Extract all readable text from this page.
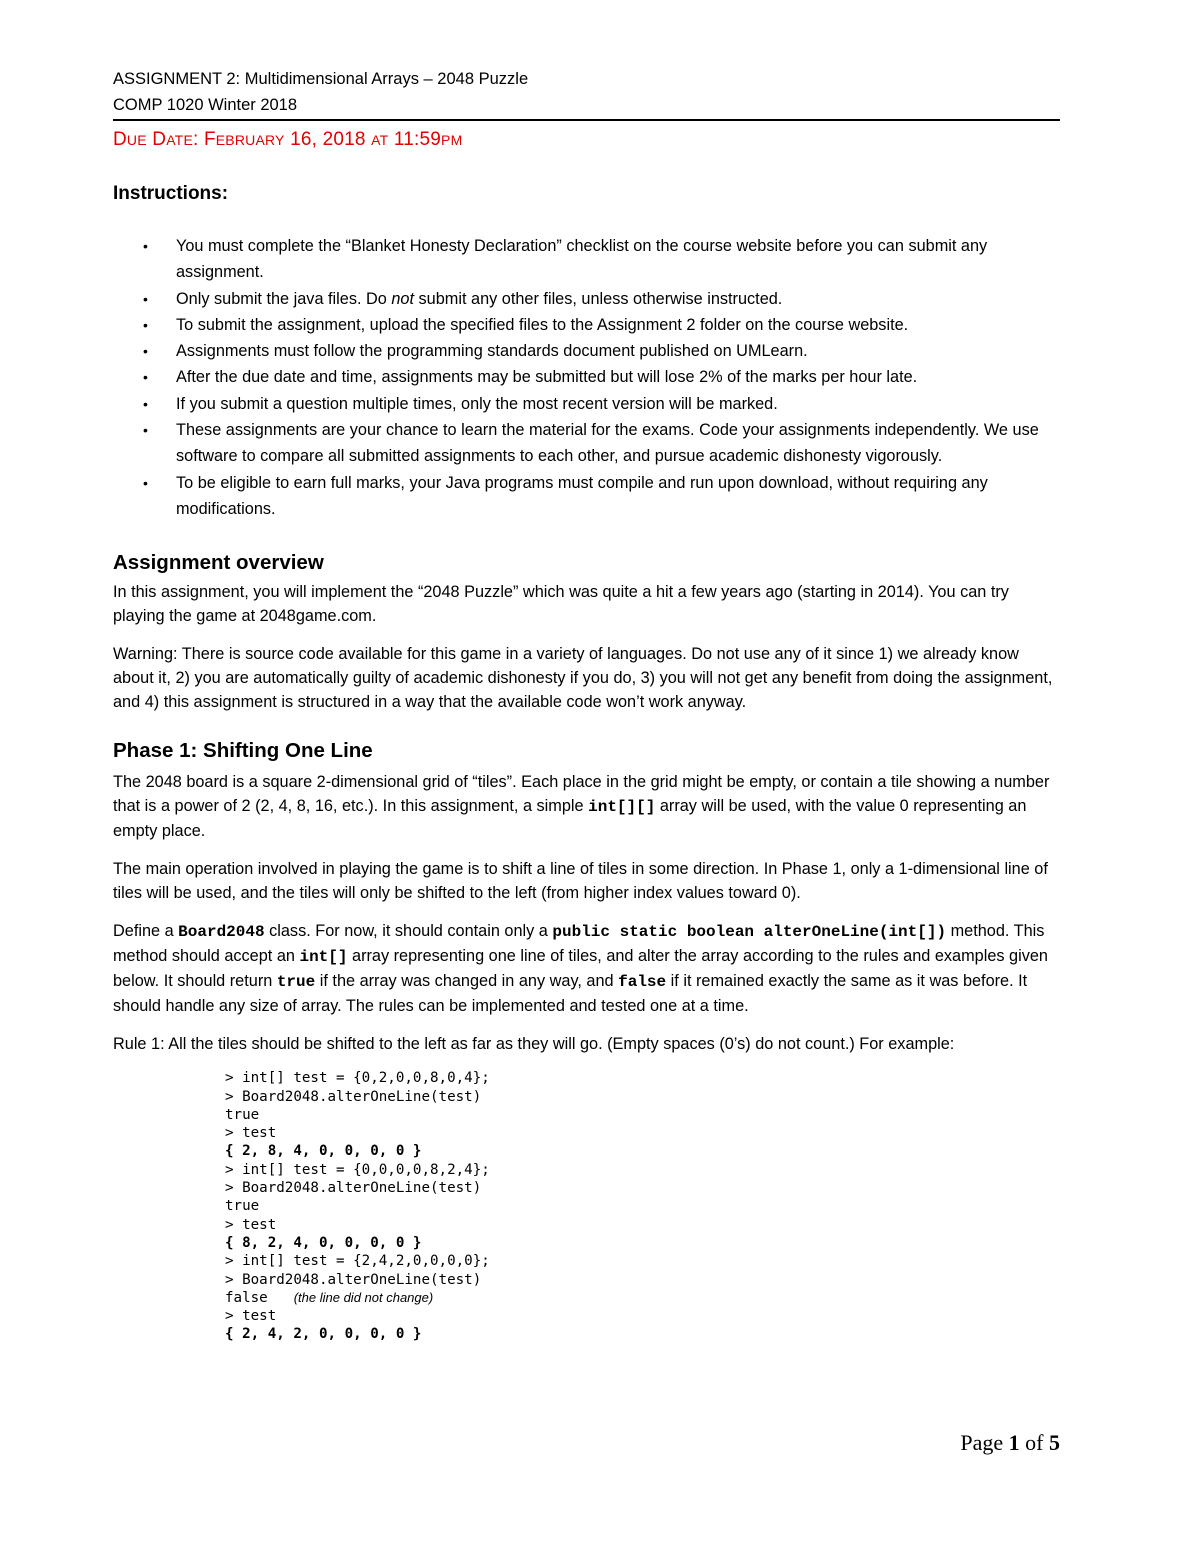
ASSIGNMENT 2: Multidimensional Arrays – 2048 Puzzle
COMP 1020 Winter 2018
DUE DATE: FEBRUARY 16, 2018 AT 11:59PM
Instructions:
• You must complete the “Blanket Honesty Declaration” checklist on the course website before you can submit any assignment.
• Only submit the java files. Do not submit any other files, unless otherwise instructed.
• To submit the assignment, upload the specified files to the Assignment 2 folder on the course website.
• Assignments must follow the programming standards document published on UMLearn.
• After the due date and time, assignments may be submitted but will lose 2% of the marks per hour late.
• If you submit a question multiple times, only the most recent version will be marked.
• These assignments are your chance to learn the material for the exams. Code your assignments independently. We use software to compare all submitted assignments to each other, and pursue academic dishonesty vigorously.
• To be eligible to earn full marks, your Java programs must compile and run upon download, without requiring any modifications.
Assignment overview

In this assignment, you will implement the “2048 Puzzle” which was quite a hit a few years ago (starting in 2014). You can try playing the game at 2048game.com.

Warning: There is source code available for this game in a variety of languages. Do not use any of it since 1) we already know about it, 2) you are automatically guilty of academic dishonesty if you do, 3) you will not get any benefit from doing the assignment, and 4) this assignment is structured in a way that the available code won’t work anyway.

Phase 1: Shifting One Line

The 2048 board is a square 2-dimensional grid of “tiles”. Each place in the grid might be empty, or contain a tile showing a number that is a power of 2 (2, 4, 8, 16, etc.). In this assignment, a simple int[][] array will be used, with the value 0 representing an empty place.

The main operation involved in playing the game is to shift a line of tiles in some direction. In Phase 1, only a 1-dimensional line of tiles will be used, and the tiles will only be shifted to the left (from higher index values toward 0).

Define a Board2048 class. For now, it should contain only a public static boolean alterOneLine(int[]) method. This method should accept an int[] array representing one line of tiles, and alter the array according to the rules and examples given below. It should return true if the array was changed in any way, and false if it remained exactly the same as it was before. It should handle any size of array. The rules can be implemented and tested one at a time.

Rule 1: All the tiles should be shifted to the left as far as they will go. (Empty spaces (0’s) do not count.) For example:

> int[] test = {0,2,0,0,8,0,4};
> Board2048.alterOneLine(test)
true
> test
{ 2, 8, 4, 0, 0, 0, 0 }
> int[] test = {0,0,0,0,8,2,4};
> Board2048.alterOneLine(test)
true
> test
{ 8, 2, 4, 0, 0, 0, 0 }
> int[] test = {2,4,2,0,0,0,0};
> Board2048.alterOneLine(test)
false (the line did not change)
> test
{ 2, 4, 2, 0, 0, 0, 0 }
Page 1 of 5
